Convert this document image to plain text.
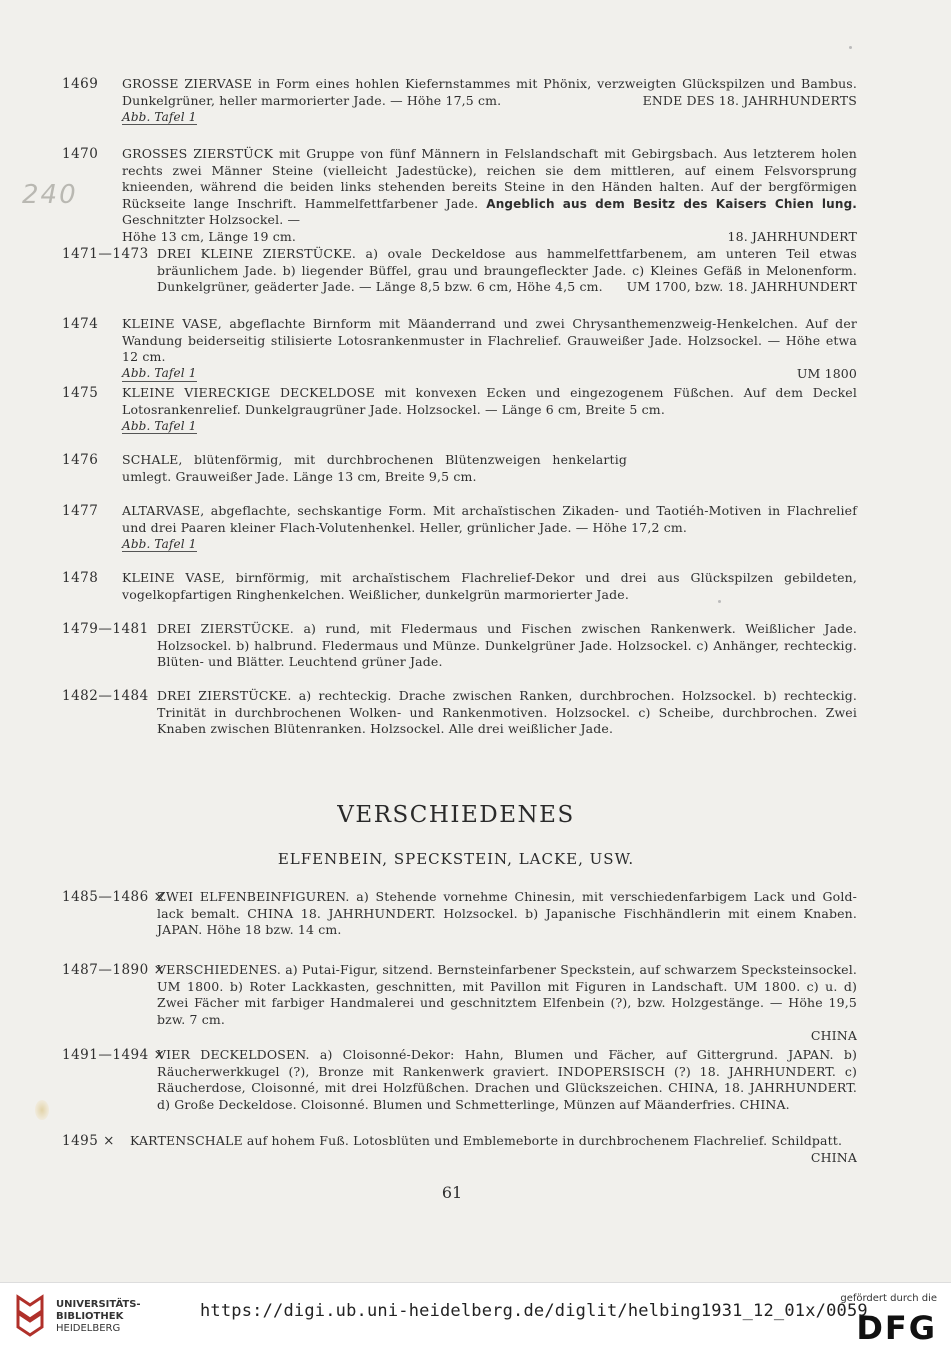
240
1469	GROSSE ZIERVASE in Form eines hohlen Kiefernstammes mit Phönix, verzweigten Glückspilzen und Bambus. Dunkelgrüner, heller marmorierter Jade. — Höhe 17,5 cm.	ENDE DES 18. JAHRHUNDERTS
Abb. Tafel 1
1470	GROSSES ZIERSTÜCK mit Gruppe von fünf Männern in Felslandschaft mit Gebirgsbach. Aus letzterem holen rechts zwei Männer Steine (vielleicht Jadestücke), reichen sie dem mittleren, auf einem Felsvorsprung knieenden, während die beiden links stehenden bereits Steine in den Händen halten. Auf der bergförmigen Rückseite lange Inschrift. Hammelfettfarbener Jade. Angeblich aus dem Besitz des Kaisers Chien lung. Geschnitzter Holzsockel. —
Höhe 13 cm, Länge 19 cm.	18. JAHRHUNDERT
1471—1473 DREI KLEINE ZIERSTÜCKE. a) ovale Deckeldose aus hammelfettfarbenem, am unteren Teil etwas bräunlichem Jade. b) liegender Büffel, grau und braungefleckter Jade. c) Kleines Gefäß in Melonenform. Dunkelgrüner, geäderter Jade. — Länge 8,5 bzw. 6 cm, Höhe 4,5 cm. UM 1700, bzw. 18. JAHRHUNDERT
1474	KLEINE VASE, abgeflachte Birnform mit Mäanderrand und zwei Chrysanthemenzweig-Henkelchen. Auf der Wandung beiderseitig stilisierte Lotosrankenmuster in Flachrelief. Grauweißer Jade. Holzsockel. — Höhe etwa 12 cm.
Abb. Tafel 1	UM 1800
1475	KLEINE VIERECKIGE DECKELDOSE mit konvexen Ecken und eingezogenem Füßchen. Auf dem Deckel Lotosrankenrelief. Dunkelgraugrüner Jade. Holzsockel. — Länge 6 cm, Breite 5 cm.
Abb. Tafel 1
1476	SCHALE, blütenförmig, mit durchbrochenen Blütenzweigen henkelartig umlegt. Grauweißer Jade. Länge 13 cm, Breite 9,5 cm.
1477	ALTARVASE, abgeflachte, sechskantige Form. Mit archaïstischen Zikaden- und Taotiéh-Motiven in Flachrelief und drei Paaren kleiner Flach-Volutenhenkel. Heller, grünlicher Jade. — Höhe 17,2 cm.
Abb. Tafel 1
1478	KLEINE VASE, birnförmig, mit archaïstischem Flachrelief-Dekor und drei aus Glückspilzen gebildeten, vogelkopfartigen Ringhenkelchen. Weißlicher, dunkelgrün marmorierter Jade.
1479—1481 DREI ZIERSTÜCKE. a) rund, mit Fledermaus und Fischen zwischen Rankenwerk. Weißlicher Jade. Holzsockel. b) halbrund. Fledermaus und Münze. Dunkelgrüner Jade. Holzsockel. c) Anhänger, rechteckig. Blüten- und Blätter. Leuchtend grüner Jade.
1482—1484 DREI ZIERSTÜCKE. a) rechteckig. Drache zwischen Ranken, durchbrochen. Holzsockel. b) rechteckig. Trinität in durchbrochenen Wolken- und Rankenmotiven. Holzsockel. c) Scheibe, durchbrochen. Zwei Knaben zwischen Blütenranken. Holzsockel. Alle drei weißlicher Jade.
VERSCHIEDENES
ELFENBEIN, SPECKSTEIN, LACKE, USW.
1485—1486 ×
ZWEI ELFENBEINFIGUREN. a) Stehende vornehme Chinesin, mit verschiedenfarbigem Lack und Gold-lack bemalt. CHINA 18. JAHRHUNDERT. Holzsockel. b) Japanische Fischhändlerin mit einem Knaben. JAPAN. Höhe 18 bzw. 14 cm.
1487—1890 ×
VERSCHIEDENES. a) Putai-Figur, sitzend. Bernsteinfarbener Speckstein, auf schwarzem Specksteinsockel. UM 1800. b) Roter Lackkasten, geschnitten, mit Pavillon mit Figuren in Landschaft. UM 1800. c) u. d) Zwei Fächer mit farbiger Handmalerei und geschnitztem Elfenbein (?), bzw. Holzgestänge. — Höhe 19,5 bzw. 7 cm.
CHINA
1491—1494 ×
VIER DECKELDOSEN. a) Cloisonné-Dekor: Hahn, Blumen und Fächer, auf Gittergrund. JAPAN. b) Räucherwerkkugel (?), Bronze mit Rankenwerk graviert. INDOPERSISCH (?) 18. JAHRHUNDERT. c) Räucherdose, Cloisonné, mit drei Holzfüßchen. Drachen und Glückszeichen. CHINA, 18. JAHRHUNDERT. d) Große Deckeldose. Cloisonné. Blumen und Schmetterlinge, Münzen auf Mäanderfries. CHINA.
1495 ×	KARTENSCHALE auf hohem Fuß. Lotosblüten und Emblemeborte in durchbrochenem Flachrelief. Schildpatt.
CHINA
61
UNIVERSITÄTS-
BIBLIOTHEK
HEIDELBERG
https://digi.ub.uni-heidelberg.de/diglit/helbing1931_12_01x/0059
gefördert durch die
DFG
